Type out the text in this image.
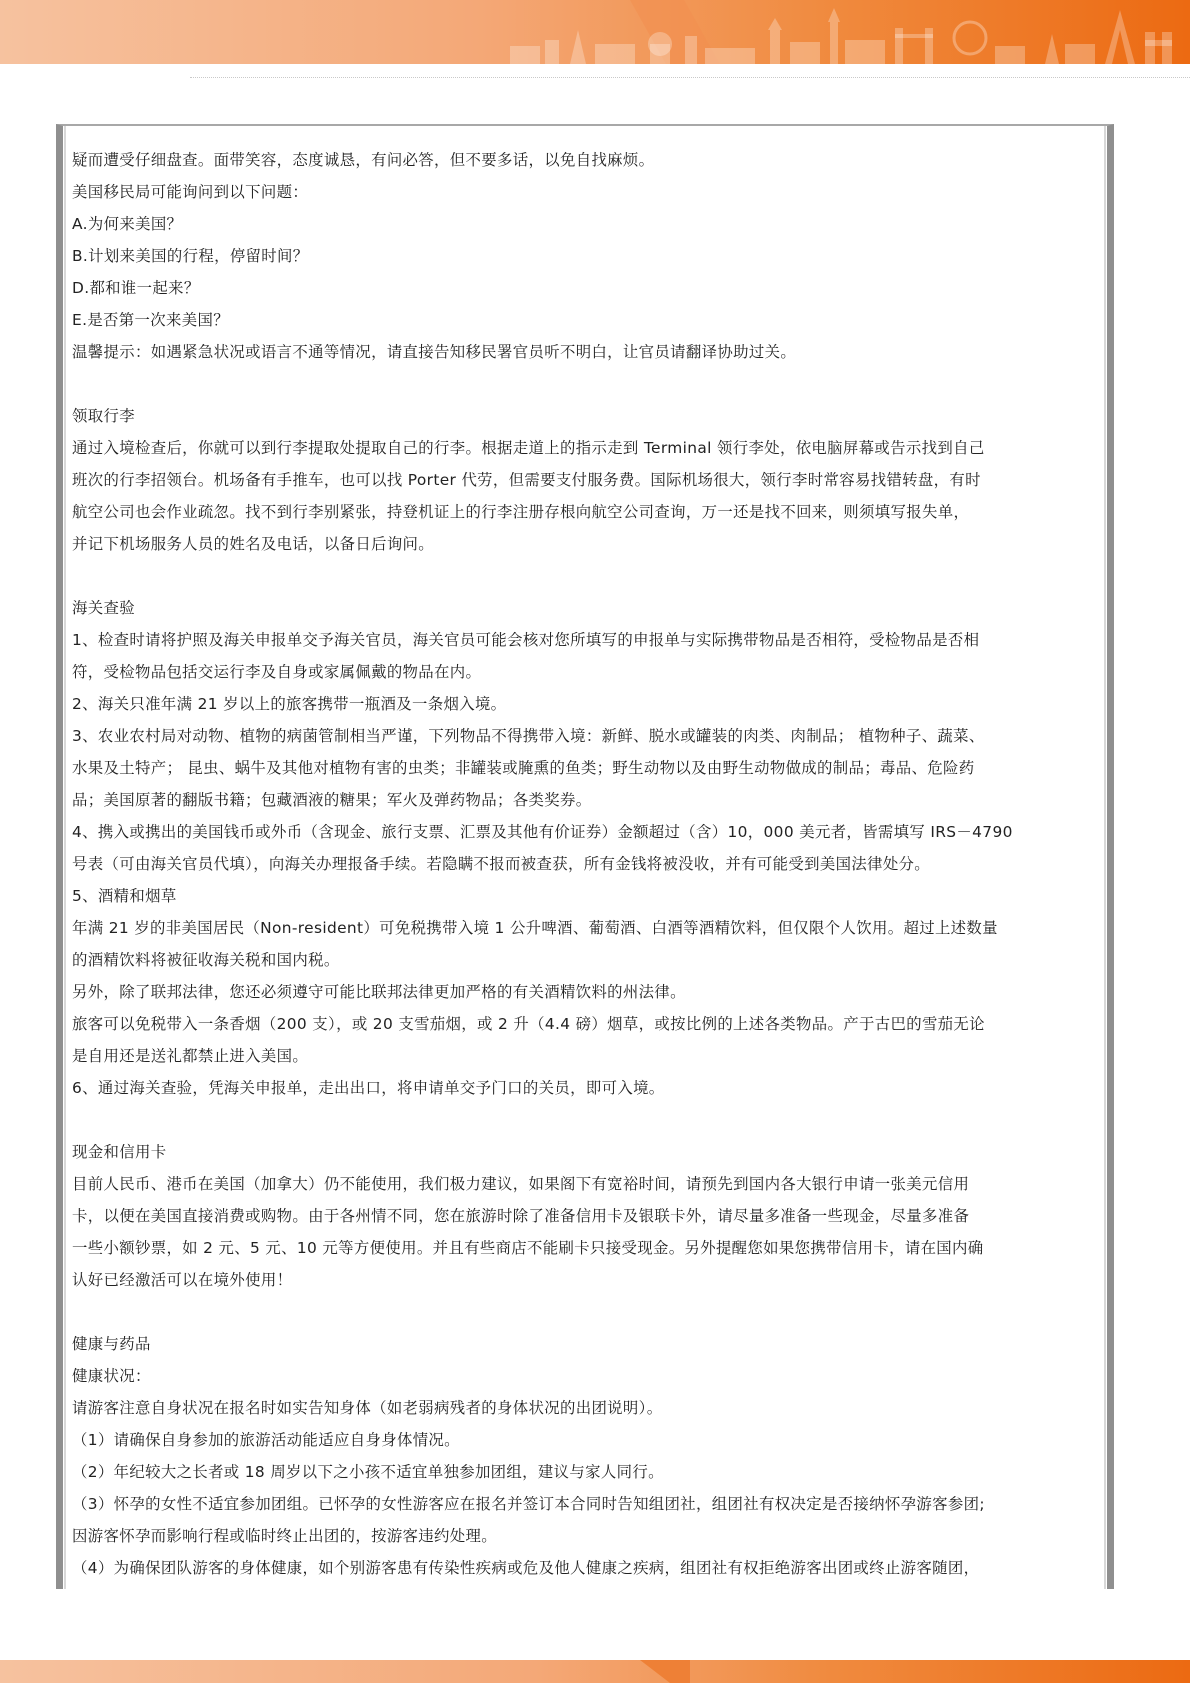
疑而遭受仔细盘查。面带笑容，态度诚恳，有问必答，但不要多话，以免自找麻烦。

美国移民局可能询问到以下问题：

A.为何来美国？

B.计划来美国的行程，停留时间？

D.都和谁一起来？

E.是否第一次来美国？

温馨提示：如遇紧急状况或语言不通等情况，请直接告知移民署官员听不明白，让官员请翻译协助过关。

领取行李

通过入境检查后，你就可以到行李提取处提取自己的行李。根据走道上的指示走到 Terminal 领行李处，依电脑屏幕或告示找到自己

班次的行李招领台。机场备有手推车，也可以找 Porter 代劳，但需要支付服务费。国际机场很大，领行李时常容易找错转盘，有时

航空公司也会作业疏忽。找不到行李别紧张，持登机证上的行李注册存根向航空公司查询，万一还是找不回来，则须填写报失单，

并记下机场服务人员的姓名及电话，以备日后询问。

海关查验

1、检查时请将护照及海关申报单交予海关官员，海关官员可能会核对您所填写的申报单与实际携带物品是否相符，受检物品是否相

符，受检物品包括交运行李及自身或家属佩戴的物品在内。

2、海关只准年满 21 岁以上的旅客携带一瓶酒及一条烟入境。

3、农业农村局对动物、植物的病菌管制相当严谨，下列物品不得携带入境：新鲜、脱水或罐装的肉类、肉制品； 植物种子、蔬菜、

水果及土特产； 昆虫、蜗牛及其他对植物有害的虫类；非罐装或腌熏的鱼类；野生动物以及由野生动物做成的制品；毒品、危险药

品；美国原著的翻版书籍；包藏酒液的糖果；军火及弹药物品；各类奖券。

4、携入或携出的美国钱币或外币（含现金、旅行支票、汇票及其他有价证券）金额超过（含）10，000 美元者，皆需填写 IRS－4790

号表（可由海关官员代填），向海关办理报备手续。若隐瞒不报而被查获，所有金钱将被没收，并有可能受到美国法律处分。

5、酒精和烟草

年满 21 岁的非美国居民（Non-resident）可免税携带入境 1 公升啤酒、葡萄酒、白酒等酒精饮料，但仅限个人饮用。超过上述数量

的酒精饮料将被征收海关税和国内税。

另外，除了联邦法律，您还必须遵守可能比联邦法律更加严格的有关酒精饮料的州法律。

旅客可以免税带入一条香烟（200 支），或 20 支雪茄烟，或 2 升（4.4 磅）烟草，或按比例的上述各类物品。产于古巴的雪茄无论

是自用还是送礼都禁止进入美国。

6、通过海关查验，凭海关申报单，走出出口，将申请单交予门口的关员，即可入境。

现金和信用卡

目前人民币、港币在美国（加拿大）仍不能使用，我们极力建议，如果阁下有宽裕时间，请预先到国内各大银行申请一张美元信用

卡，以便在美国直接消费或购物。由于各州情不同，您在旅游时除了准备信用卡及银联卡外，请尽量多准备一些现金，尽量多准备

一些小额钞票，如 2 元、5 元、10 元等方便使用。并且有些商店不能刷卡只接受现金。另外提醒您如果您携带信用卡，请在国内确

认好已经激活可以在境外使用！

健康与药品

健康状况：

请游客注意自身状况在报名时如实告知身体（如老弱病残者的身体状况的出团说明）。

（1）请确保自身参加的旅游活动能适应自身身体情况。

（2）年纪较大之长者或 18 周岁以下之小孩不适宜单独参加团组，建议与家人同行。

（3）怀孕的女性不适宜参加团组。已怀孕的女性游客应在报名并签订本合同时告知组团社，组团社有权决定是否接纳怀孕游客参团;

因游客怀孕而影响行程或临时终止出团的，按游客违约处理。

（4）为确保团队游客的身体健康，如个别游客患有传染性疾病或危及他人健康之疾病，组团社有权拒绝游客出团或终止游客随团，
